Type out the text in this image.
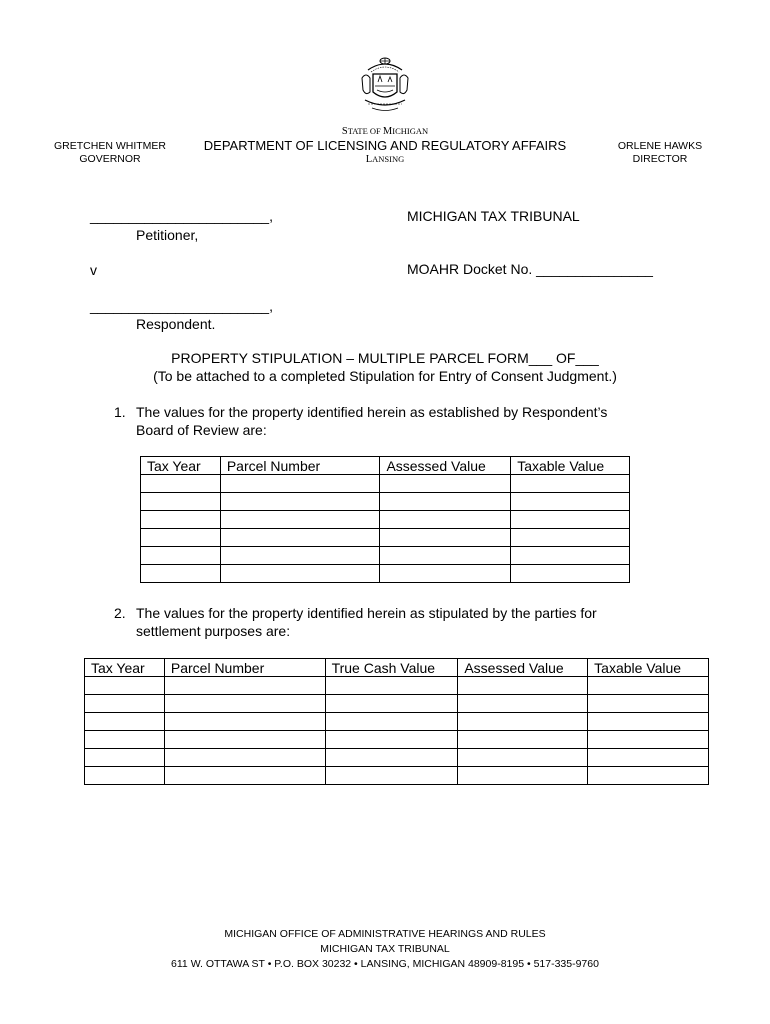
GRETCHEN WHITMER
GOVERNOR
STATE OF MICHIGAN
DEPARTMENT OF LICENSING AND REGULATORY AFFAIRS
LANSING
ORLENE HAWKS
DIRECTOR
_______________________,
Petitioner,
v
_______________________,
Respondent.
MICHIGAN TAX TRIBUNAL
MOAHR Docket No. _______________
PROPERTY STIPULATION – MULTIPLE PARCEL FORM___ OF___
(To be attached to a completed Stipulation for Entry of Consent Judgment.)
1. The values for the property identified herein as established by Respondent’s
Board of Review are:
Tax Year	Parcel Number	Assessed Value	Taxable Value

2. The values for the property identified herein as stipulated by the parties for
settlement purposes are:
Tax Year	Parcel Number	True Cash Value	Assessed Value	Taxable Value

MICHIGAN OFFICE OF ADMINISTRATIVE HEARINGS AND RULES
MICHIGAN TAX TRIBUNAL
611 W. OTTAWA ST • P.O. BOX 30232 • LANSING, MICHIGAN 48909-8195 • 517-335-9760
